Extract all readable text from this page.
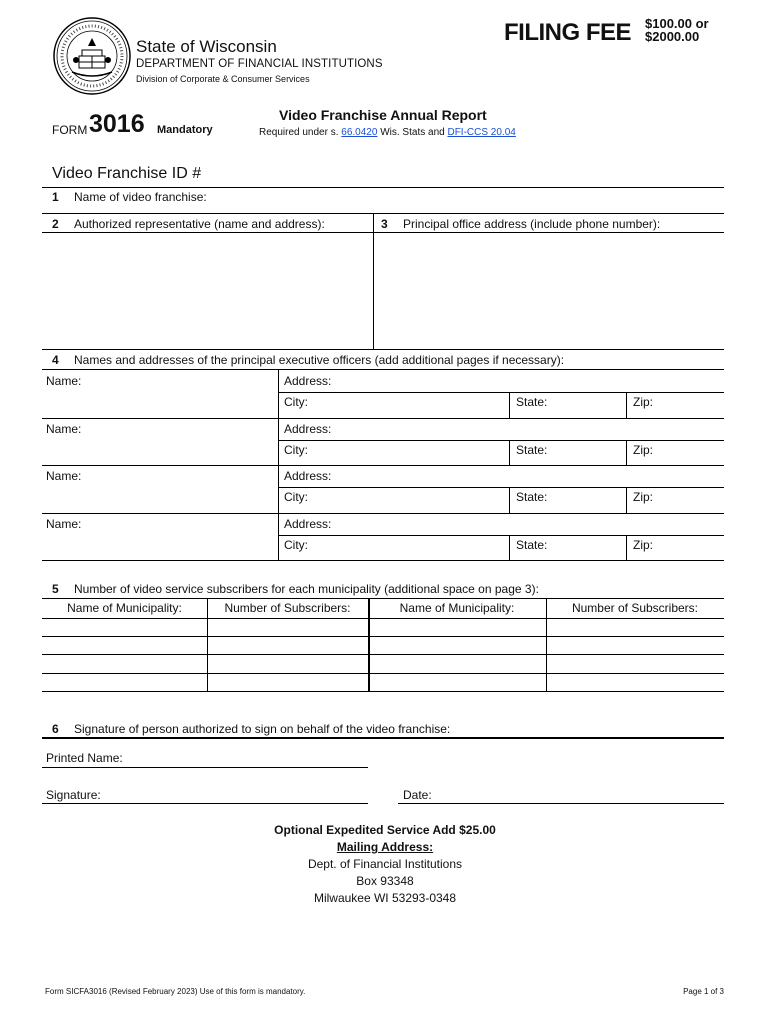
State of Wisconsin
DEPARTMENT OF FINANCIAL INSTITUTIONS
Division of Corporate & Consumer Services
FILING FEE $100.00 or
$2000.00
FORM 3016 Mandatory
Video Franchise Annual Report
Required under s. 66.0420 Wis. Stats and DFI-CCS 20.04
Video Franchise ID #
1 Name of video franchise:
2 Authorized representative (name and address):	3 Principal office address (include phone number):
4 Names and addresses of the principal executive officers (add additional pages if necessary):
Name:	Address:
City:	State:	Zip:
Name:	Address:
City:	State:	Zip:
Name:	Address:
City:	State:	Zip:
Name:	Address:
City:	State:	Zip:
5 Number of video service subscribers for each municipality (additional space on page 3):
Name of Municipality:	Number of Subscribers:	Name of Municipality:	Number of Subscribers:
6 Signature of person authorized to sign on behalf of the video franchise:
Printed Name:
Signature:	Date:
Optional Expedited Service Add $25.00
Mailing Address:
Dept. of Financial Institutions
Box 93348
Milwaukee WI 53293-0348
Form SICFA3016 (Revised February 2023) Use of this form is mandatory.	Page 1 of 3
